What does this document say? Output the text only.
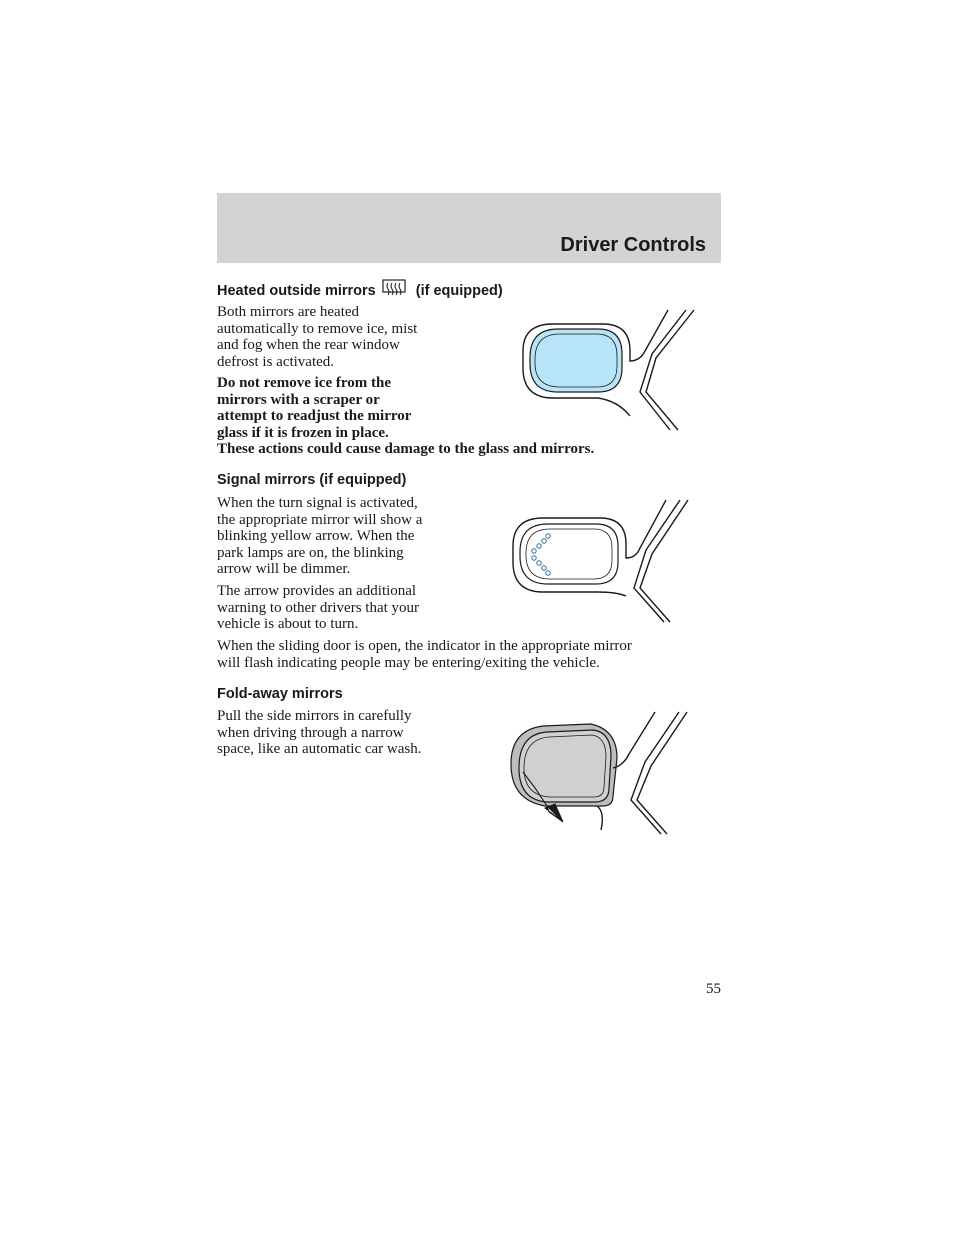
Driver Controls
Heated outside mirrors	(if equipped)
Both mirrors are heated
automatically to remove ice, mist
and fog when the rear window
defrost is activated.
Do not remove ice from the
mirrors with a scraper or
attempt to readjust the mirror
glass if it is frozen in place.
These actions could cause damage to the glass and mirrors.
Signal mirrors (if equipped)
When the turn signal is activated,
the appropriate mirror will show a
blinking yellow arrow. When the
park lamps are on, the blinking
arrow will be dimmer.
The arrow provides an additional
warning to other drivers that your
vehicle is about to turn.
When the sliding door is open, the indicator in the appropriate mirror
will flash indicating people may be entering/exiting the vehicle.
Fold-away mirrors
Pull the side mirrors in carefully
when driving through a narrow
space, like an automatic car wash.
55
